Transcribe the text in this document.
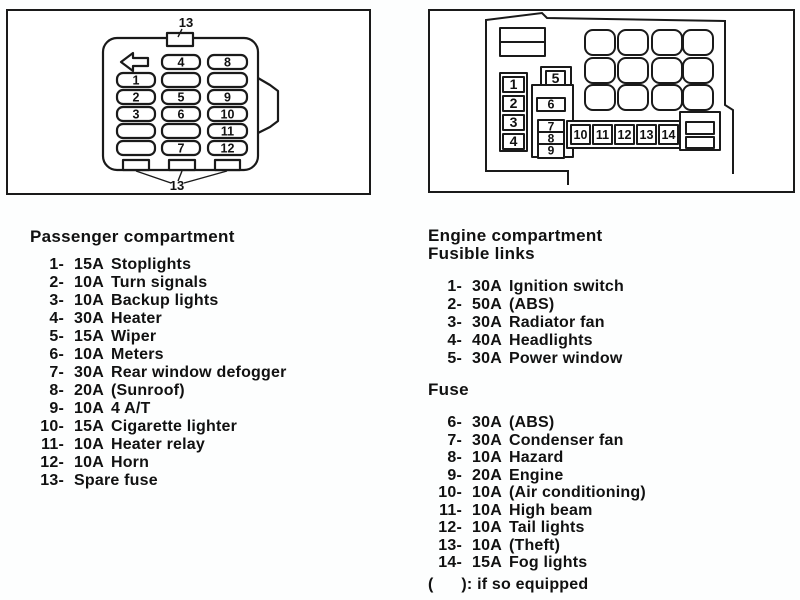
13
13
1
2
3
4
5
6
7
8
9
10
11
12
1
2
3
4
5
6
7
8
9
10 11 12 13 14
Passenger compartment
1- 15A Stoplights
2- 10A Turn signals
3- 10A Backup lights
4- 30A Heater
5- 15A Wiper
6- 10A Meters
7- 30A Rear window defogger
8- 20A (Sunroof)
9- 10A 4 A/T
10- 15A Cigarette lighter
11- 10A Heater relay
12- 10A Horn
13- Spare fuse
Engine compartment
Fusible links
1- 30A Ignition switch
2- 50A (ABS)
3- 30A Radiator fan
4- 40A Headlights
5- 30A Power window
Fuse
6- 30A (ABS)
7- 30A Condenser fan
8- 10A Hazard
9- 20A Engine
10- 10A (Air conditioning)
11- 10A High beam
12- 10A Tail lights
13- 10A (Theft)
14- 15A Fog lights
(      ): if so equipped
